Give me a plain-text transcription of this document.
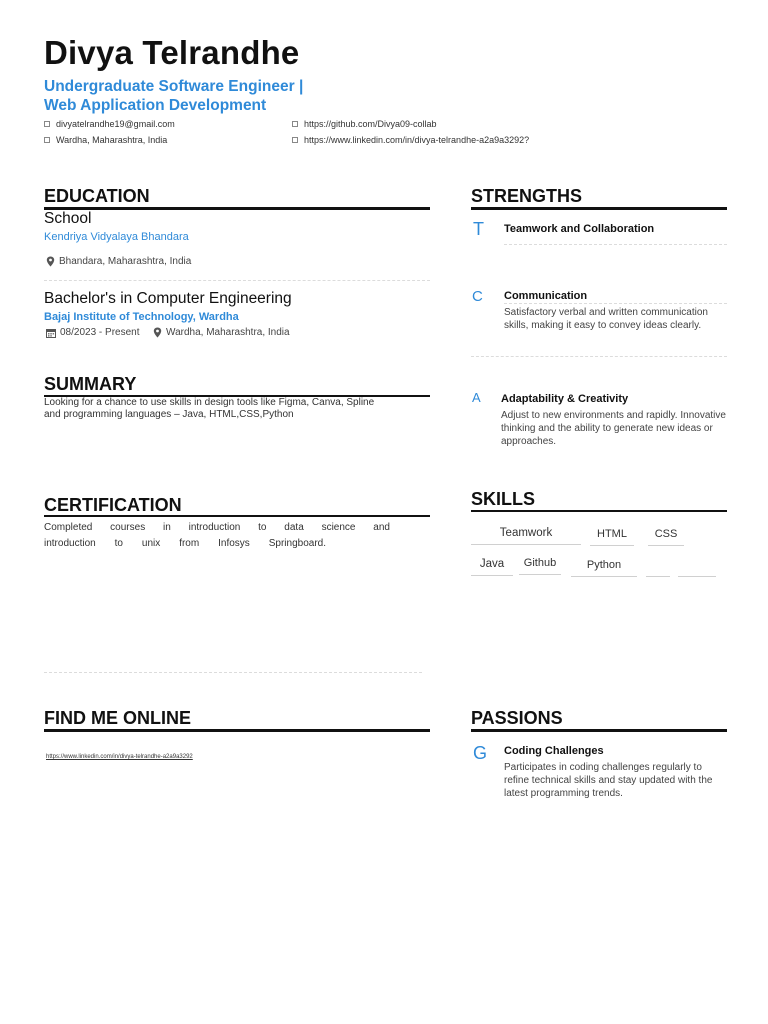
Divya Telrandhe
Undergraduate Software Engineer |
Web Application Development
divyatelrandhe19@gmail.com
Wardha, Maharashtra, India
https://github.com/Divya09-collab
https://www.linkedin.com/in/divya-telrandhe-a2a9a3292?
EDUCATION
School
Kendriya Vidyalaya Bhandara
Bhandara, Maharashtra, India
Bachelor's in Computer Engineering
Bajaj Institute of Technology, Wardha
08/2023 - Present	Wardha, Maharashtra, India
SUMMARY
Looking for a chance to use skills in design tools like Figma, Canva, Spline
and programming languages – Java, HTML,CSS,Python
CERTIFICATION
Completed courses in introduction to data science and
introduction to unix from Infosys Springboard.
FIND ME ONLINE
https://www.linkedin.com/in/divya-telrandhe-a2a9a3292
STRENGTHS
T	Teamwork and Collaboration
C	Communication
Satisfactory verbal and written communication skills, making it easy to convey ideas clearly.
A	Adaptability & Creativity
Adjust to new environments and rapidly. Innovative thinking and the ability to generate new ideas or approaches.
SKILLS
Teamwork	HTML	CSS
Java	Github	Python
PASSIONS
G	Coding Challenges
Participates in coding challenges regularly to refine technical skills and stay updated with the latest programming trends.
